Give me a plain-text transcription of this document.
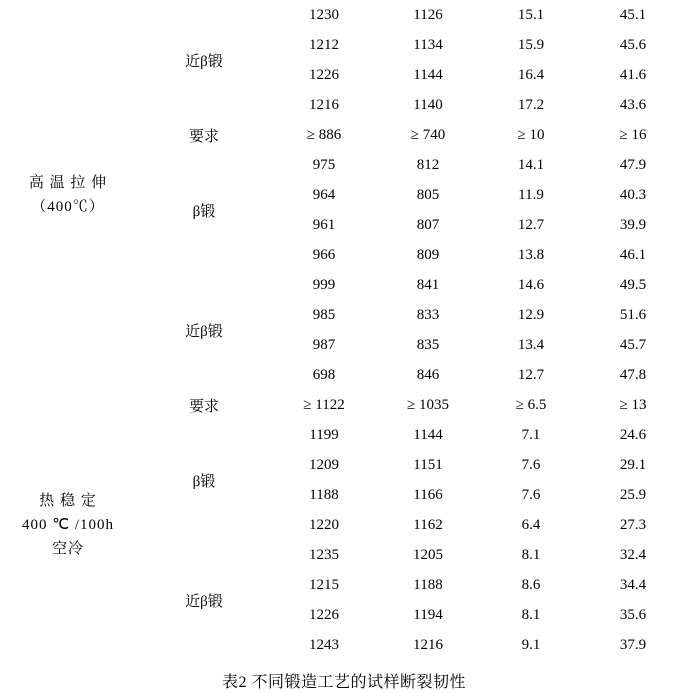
高 温 拉 伸
（400℃）	近β锻	1230	1126	15.1	45.1
		1212	1134	15.9	45.6
		1226	1144	16.4	41.6
		1216	1140	17.2	43.6
	要求	≥ 886	≥ 740	≥ 10	≥ 16
	β锻	975	812	14.1	47.9
		964	805	11.9	40.3
		961	807	12.7	39.9
		966	809	13.8	46.1
	近β锻	999	841	14.6	49.5
		985	833	12.9	51.6
		987	835	13.4	45.7
		698	846	12.7	47.8

热 稳 定
400 ℃ /100h
空冷	要求	≥ 1122	≥ 1035	≥ 6.5	≥ 13
	β锻	1199	1144	7.1	24.6
		1209	1151	7.6	29.1
		1188	1166	7.6	25.9
		1220	1162	6.4	27.3
	近β锻	1235	1205	8.1	32.4
		1215	1188	8.6	34.4
		1226	1194	8.1	35.6
		1243	1216	9.1	37.9
表2 不同锻造工艺的试样断裂韧性
